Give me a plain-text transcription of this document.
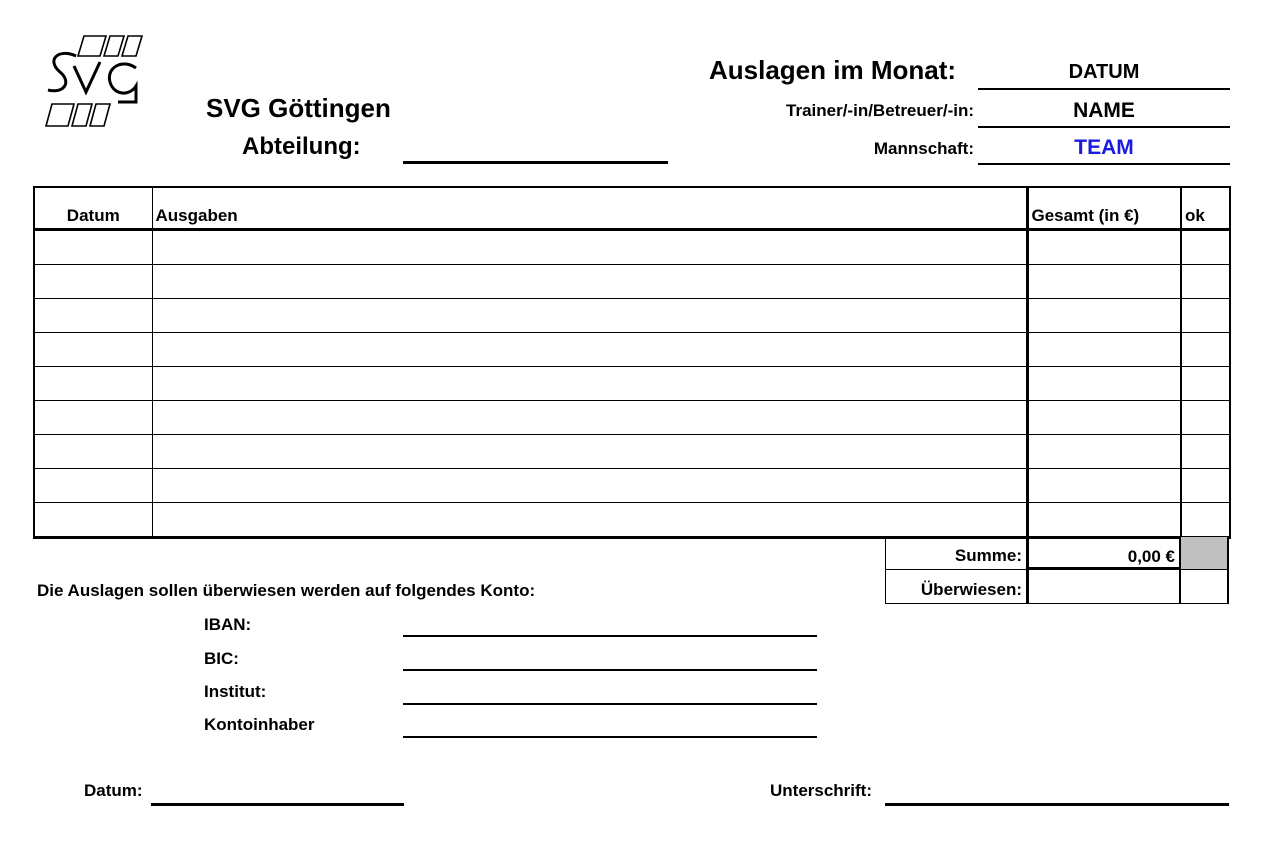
SVG
SVG Göttingen
Abteilung:
Auslagen im Monat:	DATUM
Trainer/-in/Betreuer/-in:	NAME
Mannschaft:	TEAM
Datum	Ausgaben	Gesamt (in €)	ok

Summe:	0,00 €
Überwiesen:
Die Auslagen sollen überwiesen werden auf folgendes Konto:
IBAN:
BIC:
Institut:
Kontoinhaber
Datum:	Unterschrift:
